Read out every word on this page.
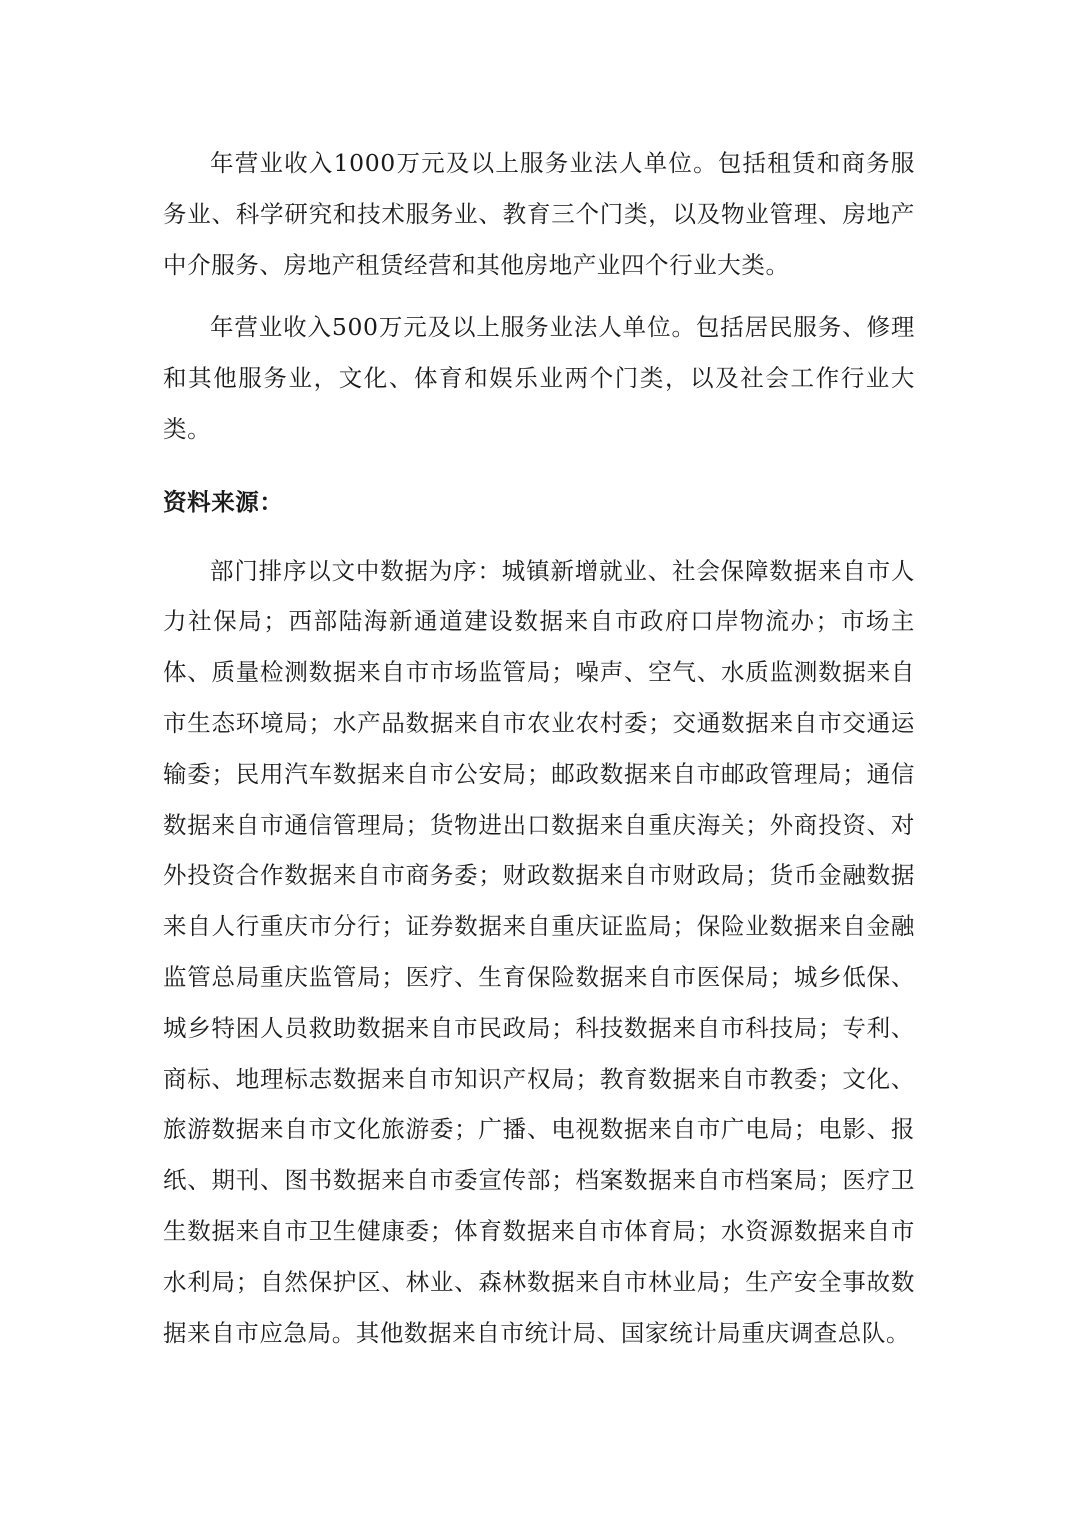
年营业收入1000万元及以上服务业法人单位。包括租赁和商务服务业、科学研究和技术服务业、教育三个门类，以及物业管理、房地产中介服务、房地产租赁经营和其他房地产业四个行业大类。

年营业收入500万元及以上服务业法人单位。包括居民服务、修理和其他服务业，文化、体育和娱乐业两个门类，以及社会工作行业大类。

资料来源：

部门排序以文中数据为序：城镇新增就业、社会保障数据来自市人力社保局；西部陆海新通道建设数据来自市政府口岸物流办；市场主体、质量检测数据来自市市场监管局；噪声、空气、水质监测数据来自市生态环境局；水产品数据来自市农业农村委；交通数据来自市交通运输委；民用汽车数据来自市公安局；邮政数据来自市邮政管理局；通信数据来自市通信管理局；货物进出口数据来自重庆海关；外商投资、对外投资合作数据来自市商务委；财政数据来自市财政局；货币金融数据来自人行重庆市分行；证券数据来自重庆证监局；保险业数据来自金融监管总局重庆监管局；医疗、生育保险数据来自市医保局；城乡低保、城乡特困人员救助数据来自市民政局；科技数据来自市科技局；专利、商标、地理标志数据来自市知识产权局；教育数据来自市教委；文化、旅游数据来自市文化旅游委；广播、电视数据来自市广电局；电影、报纸、期刊、图书数据来自市委宣传部；档案数据来自市档案局；医疗卫生数据来自市卫生健康委；体育数据来自市体育局；水资源数据来自市水利局；自然保护区、林业、森林数据来自市林业局；生产安全事故数据来自市应急局。其他数据来自市统计局、国家统计局重庆调查总队。
